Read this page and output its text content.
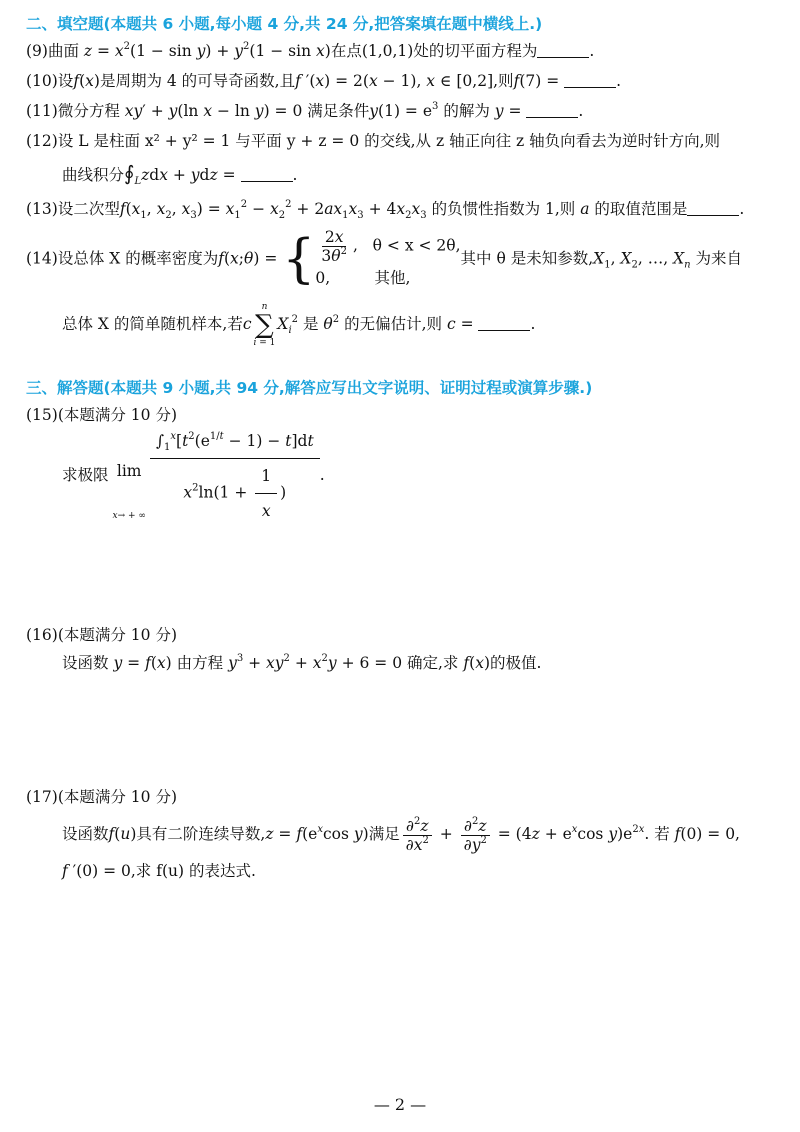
二、填空题(本题共 6 小题,每小题 4 分,共 24 分,把答案填在题中横线上.)
(9)曲面 $z = x^2(1 - \sin y) + y^2(1 - \sin x)$在点(1,0,1)处的切平面方程为	.
(10)设f(x)是周期为 4 的可导奇函数,且f ′(x) = 2(x − 1), x ∈ [0,2],则f(7) =	.
(11)微分方程 xy′ + y(ln x − ln y) = 0 满足条件$y(1) = e^3$ 的解为 y =	.
(12)设 L 是柱面 x² + y² = 1 与平面 y + z = 0 的交线,从 z 轴正向往 z 轴负向看去为逆时针方向,则
曲线积分$∮_Lzdx$ + ydz =	.
(13)设二次型$f(x_1$, $x_2$, $x_3) = x_1^2 - x_2^2 + 2ax_1x_3 + 4x_2x_3$ 的负惯性指数为 1,则 a 的取值范围是	.
(14)设总体 X 的概率密度为f(x;θ) = { $\frac{2x}{3\theta^2}$ ,   θ < x < 2θ,
0,	其他,
其中 θ 是未知参数$,X_1$, $X_2$, …, $X_n$ 为来自
总体 X 的简单随机样本,若c
n
∑
i = 1
$X_i^2$ 是 $\theta^2$ 的无偏估计,则 c =	.
三、解答题(本题共 9 小题,共 94 分,解答应写出文字说明、证明过程或演算步骤.)
(15)(本题满分 10 分)
求极限 lim
x→ + ∞ $\frac{\int_1^x[t^2(e^{1/t} - 1) - t]dt}{x^2\ln(1 + \frac{1}{x} )}$ .
(16)(本题满分 10 分)
设函数 y = f(x) 由方程 $y^3 + xy^2 + x^2y + 6 = 0$ 确定,求 f(x)的极值.
(17)(本题满分 10 分)
设函数f(u)具有二阶连续导数$,z = f(e^x\cos$ y)满足 $\frac{\partial^2z}{\partial x^2} + \frac{\partial^2z}{\partial y^2} = (4z + e^x\cos$ $y)e^{2x}$. 若 f(0) = 0,
f ′(0) = 0,求 f(u) 的表达式.
— 2 —
